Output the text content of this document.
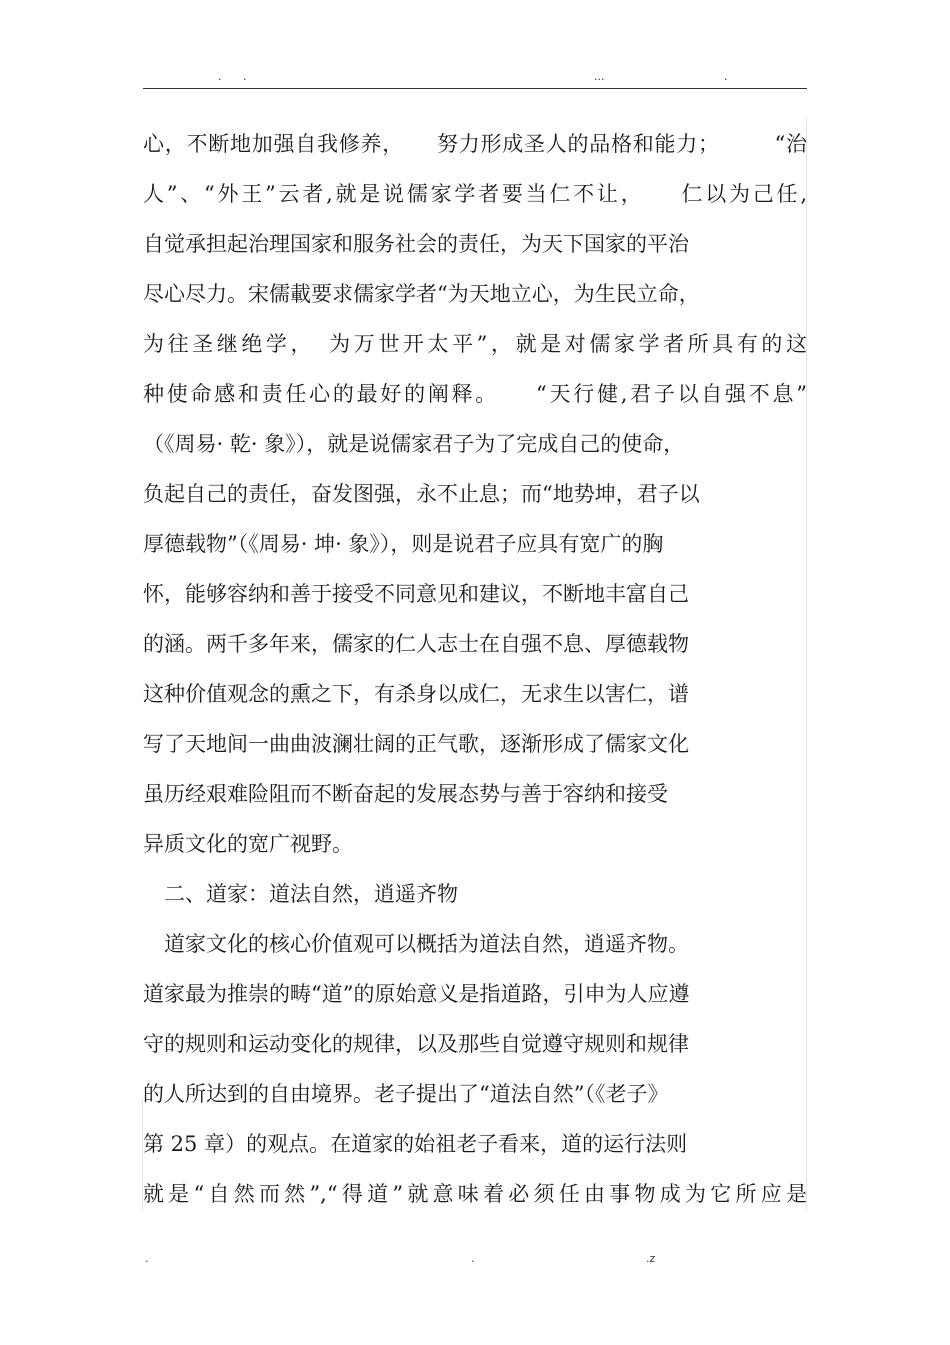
. .	...	.
心，不断地加强自我修养，　　努力形成圣人的品格和能力；　　　“治
人”、“外王”云者,就是说儒家学者要当仁不让，　　仁以为己任,
自觉承担起治理国家和服务社会的责任，为天下国家的平治
尽心尽力。宋儒載要求儒家学者“为天地立心，为生民立命，
为往圣继绝学，　为万世开太平”，就是对儒家学者所具有的这
种使命感和责任心的最好的阐释。　　“天行健,君子以自强不息”
（《周易· 乾· 象》），就是说儒家君子为了完成自己的使命，
负起自己的责任，奋发图强，永不止息；而“地势坤，君子以
厚德载物”（《周易· 坤· 象》），则是说君子应具有宽广的胸
怀，能够容纳和善于接受不同意见和建议，不断地丰富自己
的涵。两千多年来，儒家的仁人志士在自强不息、厚德载物
这种价值观念的熏之下，有杀身以成仁，无求生以害仁，谱
写了天地间一曲曲波澜壮阔的正气歌，逐渐形成了儒家文化
虽历经艰难险阻而不断奋起的发展态势与善于容纳和接受
异质文化的宽广视野。
　二、道家：道法自然，逍遥齐物
　道家文化的核心价值观可以概括为道法自然，逍遥齐物。
道家最为推崇的畴“道”的原始意义是指道路，引申为人应遵
守的规则和运动变化的规律，以及那些自觉遵守规则和规律
的人所达到的自由境界。老子提出了“道法自然”（《老子》
第 25 章）的观点。在道家的始祖老子看来，道的运行法则
就是“自然而然”,“得道”就意味着必须任由事物成为它所应是
.	.	.z
